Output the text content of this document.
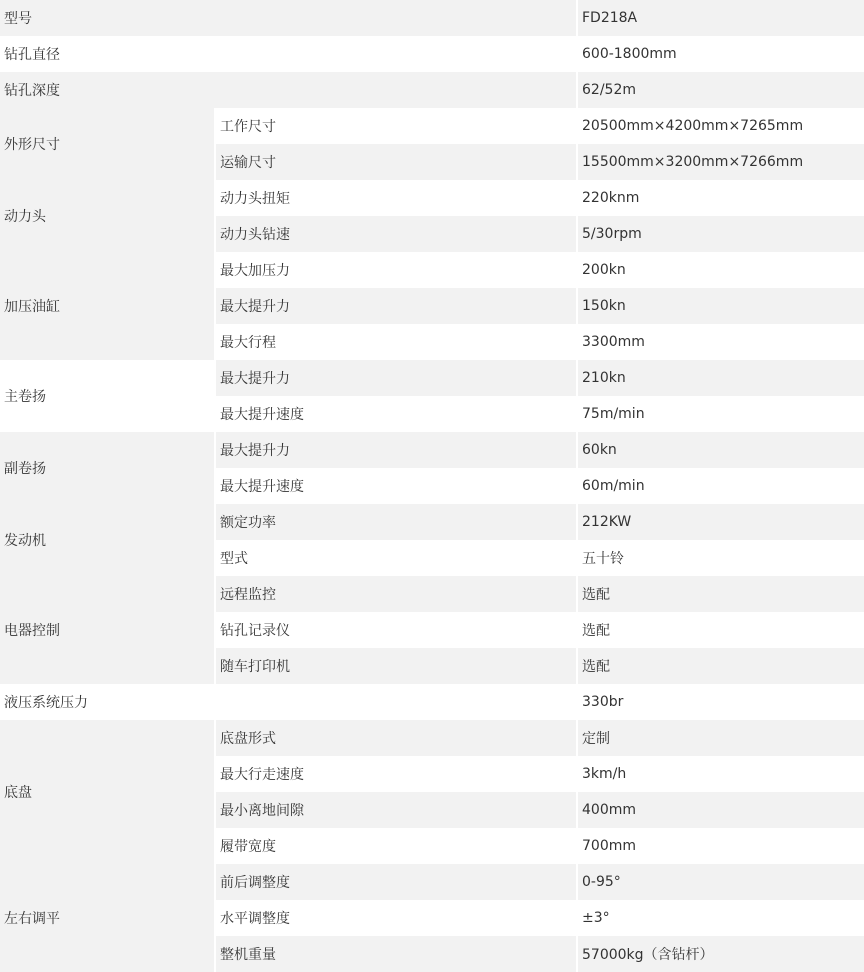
型号		FD218A
钻孔直径		600-1800mm
钻孔深度		62/52m
外形尺寸	工作尺寸	20500mm×4200mm×7265mm
	运输尺寸	15500mm×3200mm×7266mm
动力头	动力头扭矩	220knm
	动力头钻速	5/30rpm
加压油缸	最大加压力	200kn
	最大提升力	150kn
	最大行程	3300mm
主卷扬	最大提升力	210kn
	最大提升速度	75m/min
副卷扬	最大提升力	60kn
	最大提升速度	60m/min
发动机	额定功率	212KW
	型式	五十铃
电器控制	远程监控	选配
	钻孔记录仪	选配
	随车打印机	选配
液压系统压力		330br
底盘	底盘形式	定制
	最大行走速度	3km/h
	最小离地间隙	400mm
	履带宽度	700mm
左右调平	前后调整度	0-95°
	水平调整度	±3°
	整机重量	57000kg（含钻杆）
